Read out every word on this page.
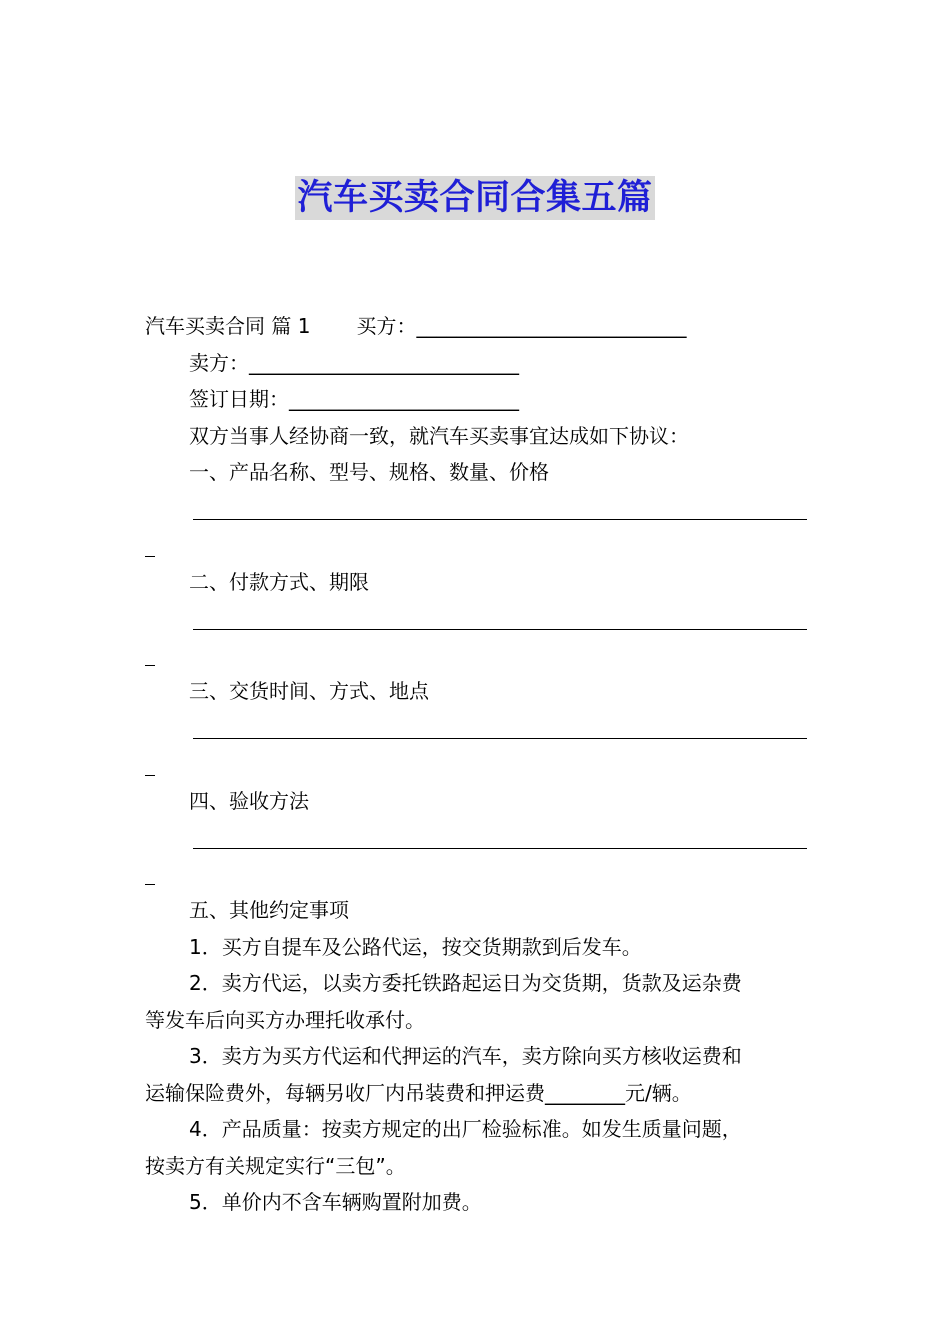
汽车买卖合同合集五篇
汽车买卖合同 篇 1 买方：___________________________
卖方：___________________________
签订日期：_______________________
双方当事人经协商一致，就汽车买卖事宜达成如下协议：
一、产品名称、型号、规格、数量、价格
二、付款方式、期限
三、交货时间、方式、地点
四、验收方法
五、其他约定事项
1．买方自提车及公路代运，按交货期款到后发车。
2．卖方代运，以卖方委托铁路起运日为交货期，货款及运杂费
等发车后向买方办理托收承付。
3．卖方为买方代运和代押运的汽车，卖方除向买方核收运费和
运输保险费外，每辆另收厂内吊装费和押运费________元/辆。
4．产品质量：按卖方规定的出厂检验标准。如发生质量问题，
按卖方有关规定实行“三包”。
5．单价内不含车辆购置附加费。
